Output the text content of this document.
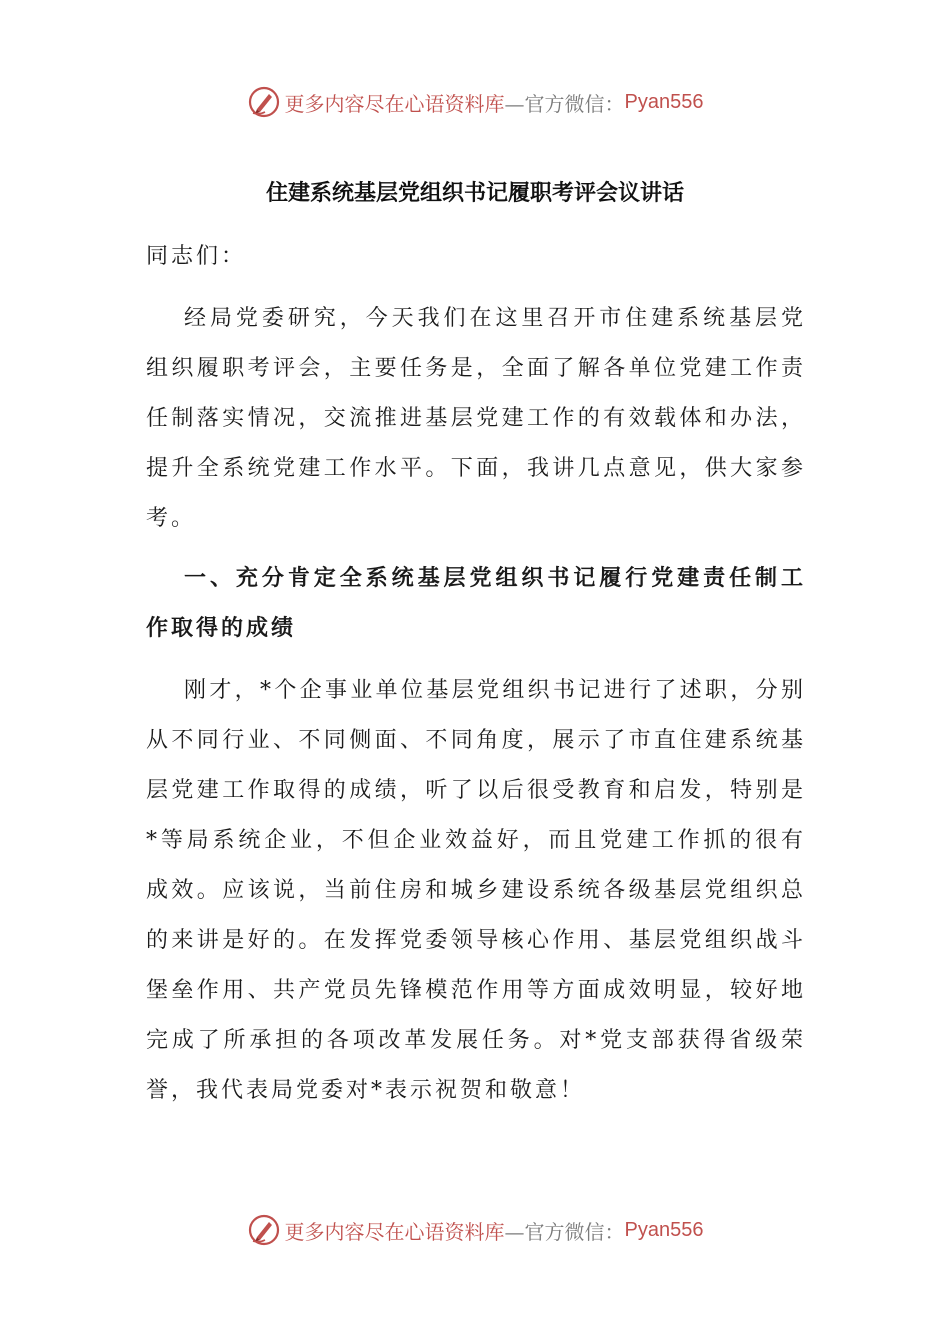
更多内容尽在心语资料库 —官方微信： Pyan556
住建系统基层党组织书记履职考评会议讲话

同志们：

经局党委研究，今天我们在这里召开市住建系统基层党组织履职考评会，主要任务是，全面了解各单位党建工作责任制落实情况，交流推进基层党建工作的有效载体和办法，提升全系统党建工作水平。下面，我讲几点意见，供大家参考。

一、充分肯定全系统基层党组织书记履行党建责任制工作取得的成绩

刚才，*个企事业单位基层党组织书记进行了述职，分别从不同行业、不同侧面、不同角度，展示了市直住建系统基层党建工作取得的成绩，听了以后很受教育和启发，特别是*等局系统企业，不但企业效益好，而且党建工作抓的很有成效。应该说，当前住房和城乡建设系统各级基层党组织总的来讲是好的。在发挥党委领导核心作用、基层党组织战斗堡垒作用、共产党员先锋模范作用等方面成效明显，较好地完成了所承担的各项改革发展任务。对*党支部获得省级荣誉，我代表局党委对*表示祝贺和敬意！

更多内容尽在心语资料库 —官方微信： Pyan556
